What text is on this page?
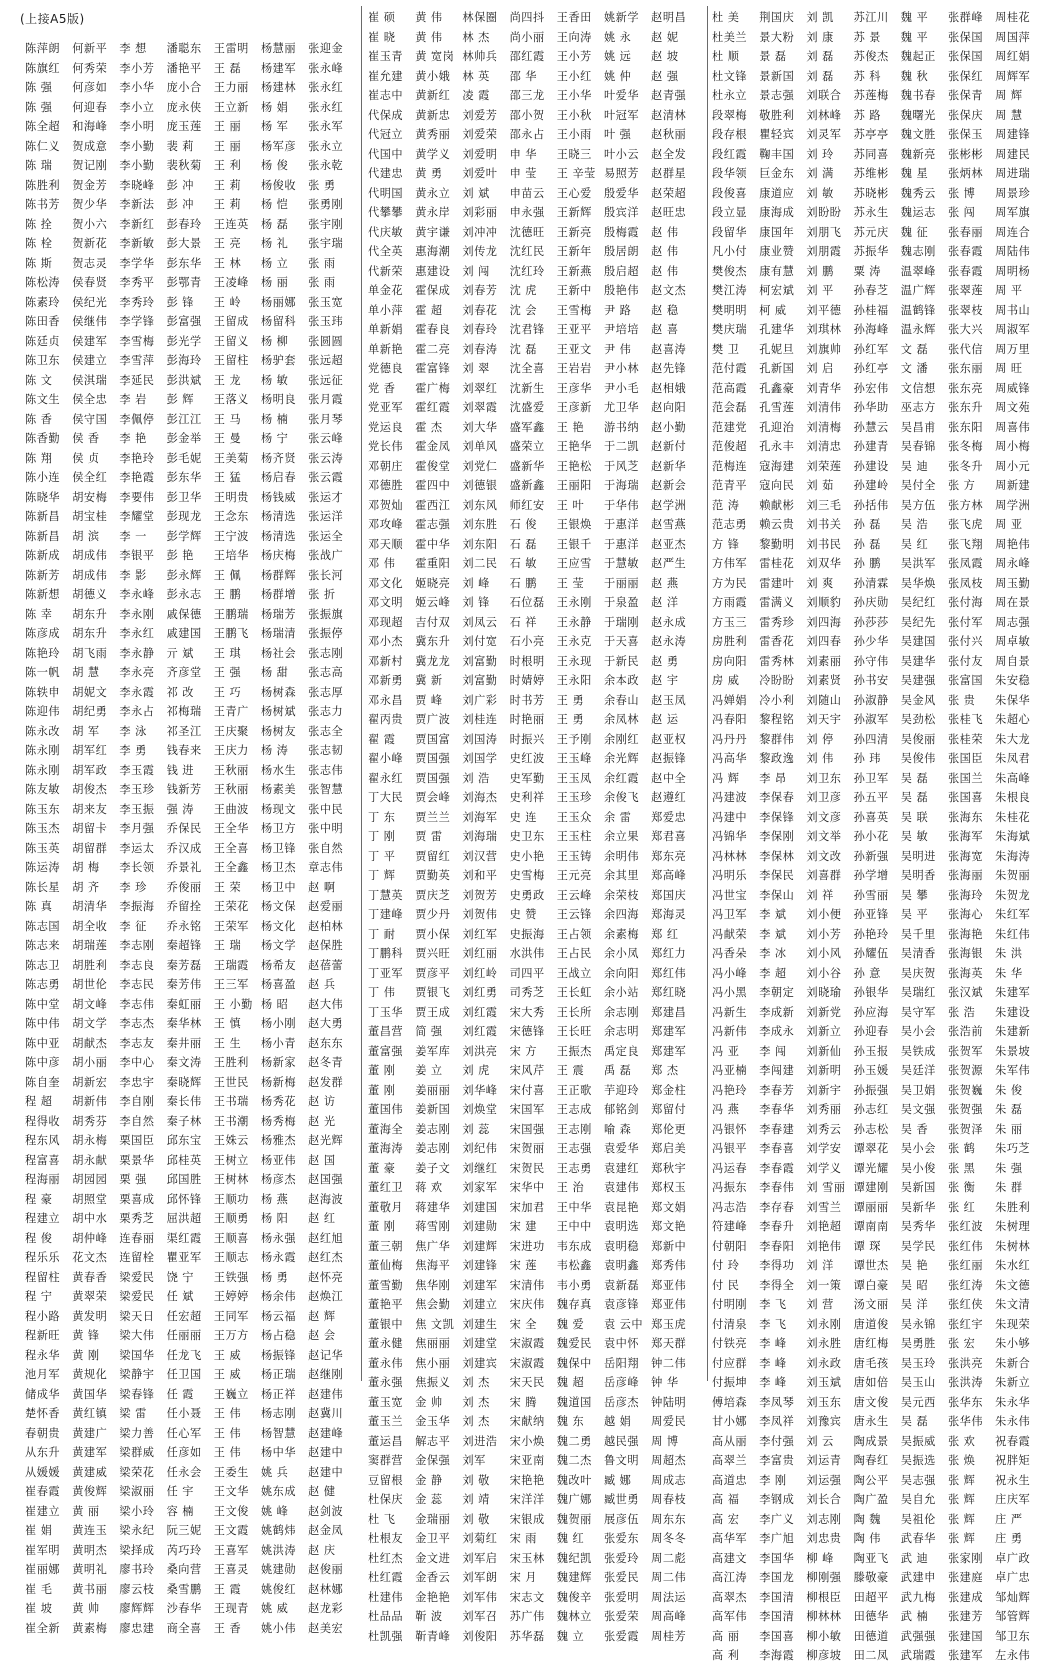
(上接A5版)
陈萍朗 何新平 李 想 潘聪东 王雷明 杨慧丽 张迎金陈旗红 何秀荣 李小芳 潘艳平 王 磊 杨建军 张永峰陈 强 何彦如 李小华 庞小合 王力丽 杨建林 张永红陈 强 何迎春 李小立 庞永侠 王立新 杨 娟 张永红陈全超 和海峰 李小明 庞玉莲 王 丽 杨 军 张永军陈仁义 贺成意 李小勤 裴 莉 王 丽 杨军彦 张永立陈 瑞 贺记刚 李小勤 裴秋菊 王 利 杨 俊 张永乾陈胜利 贺金芳 李晓峰 彭 冲 王 莉 杨俊收 张 勇陈书芳 贺少华 李新法 彭 冲 王 莉 杨 恺 张勇刚陈 拴 贺小六 李新红 彭春玲 王连英 杨 磊 张宇刚陈 栓 贺新花 李新敏 彭大景 王 亮 杨 礼 张宇瑞陈 斯 贺志灵 李学华 彭东华 王 林 杨 立 张 雨陈松涛 侯春贤 李秀平 彭鄂青 王凌峰 杨 丽 张 雨陈素玲 侯纪光 李秀玲 彭 锋 王 岭 杨丽娜 张玉宽陈田香 侯继伟 李学锋 彭富强 王留成 杨留科 张玉玮陈廷贞 侯建军 李雪梅 彭光学 王留义 杨 柳 张圆圆陈卫东 侯建立 李雪萍 彭海玲 王留柱 杨驴套 张远超陈 文 侯淇瑞 李延民 彭洪斌 王 龙 杨 敏 张远征陈文生 侯全忠 李 岩 彭 辉 王落义 杨明良 张月霞陈 香 侯守国 李佩停 彭江江 王 马 杨 楠 张月琴陈香勤 侯 香 李 艳 彭金举 王 曼 杨 宁 张云峰陈 翔 侯 贞 李艳玲 彭毛妮 王美菊 杨齐贤 张云涛陈小连 侯全红 李艳霞 彭东华 王 猛 杨启春 张云霞陈晓华 胡安梅 李要伟 彭卫华 王明贵 杨钱威 张运才陈新昌 胡宝桂 李耀堂 彭现龙 王念东 杨清选 张运洋陈新昌 胡 滨 李 一 彭学辉 王宁波 杨清选 张运全陈新成 胡成伟 李银平 彭 艳 王培华 杨庆梅 张战广陈新芳 胡成伟 李 影 彭永辉 王 佩 杨群辉 张长河陈新想 胡德义 李永峰 彭永志 王 鹏 杨群增 张 折陈 幸 胡东升 李永刚 戚保德 王鹏瑞 杨瑞芳 张振旗陈彦成 胡东升 李永红 戚建国 王鹏飞 杨瑞清 张振停陈艳玲 胡飞雨 李永静 亓 斌 王 琪 杨社会 张志刚陈一帆 胡 慧 李永亮 齐彦堂 王 强 杨 甜 张志高陈轶申 胡妮文 李永霞 祁 改 王 巧 杨树森 张志厚陈迎伟 胡纪勇 李永占 祁梅瑞 王青广 杨树斌 张志力陈永改 胡 军 李 泳 祁圣江 王庆聚 杨树友 张志全陈永刚 胡军红 李 勇 钱春来 王庆力 杨 涛 张志韧陈永刚 胡军政 李玉霞 钱 进 王秋丽 杨水生 张志伟陈友敏 胡俊杰 李玉珍 钱新芳 王秋丽 杨素美 张智慧陈玉东 胡来友 李玉振 强 涛 王曲波 杨现文 张中民陈玉杰 胡留卡 李月强 乔保民 王全华 杨卫方 张中明陈玉英 胡留群 李运太 乔汉成 王全喜 杨卫锋 张自然陈运涛 胡 梅 李长领 乔景礼 王全鑫 杨卫杰 章志伟陈长星 胡 齐 李 珍 乔俊丽 王 荣 杨卫中 赵 啊陈 真 胡清华 李振海 乔留拴 王荣花 杨文保 赵爱丽陈志国 胡全收 李 征 乔永铭 王荣军 杨文化 赵柏林陈志来 胡瑞莲 李志刚 秦超锋 王 瑞 杨文学 赵保胜陈志卫 胡胜利 李志良 秦芳磊 王瑞霞 杨希友 赵蓓蕾陈志勇 胡世伦 李志民 秦芳伟 王三军 杨喜盈 赵 兵陈中堂 胡文峰 李志伟 秦虹丽 王 小勤 杨 昭 赵大伟陈中伟 胡文学 李志杰 秦华林 王 慎 杨小刚 赵大勇陈中亚 胡献杰 李志友 秦井丽 王 生 杨小青 赵东东陈中彦 胡小丽 李中心 秦文涛 王胜利 杨新家 赵冬青陈自奎 胡新宏 李忠宇 秦晓辉 王世民 杨新梅 赵发群程 超 胡新伟 李自刚 秦长伟 王书瑞 杨秀花 赵 访程得收 胡秀芬 李自然 秦子林 王书潮 杨秀梅 赵 光程东风 胡永梅 栗国臣 邱东宝 王姝云 杨雅杰 赵光辉程富喜 胡永献 栗景华 邱桂英 王树立 杨亚伟 赵 国程海丽 胡园园 栗 强 邱国胜 王树林 杨彦杰 赵国强程 豪 胡照堂 栗喜成 邱怀锋 王顺功 杨 燕 赵海波程建立 胡中水 栗秀芝 屈洪超 王顺勇 杨 阳 赵 红程 俊 胡仲峰 连春丽 渠红霞 王顺喜 杨永强 赵红旭程乐乐 花文杰 连留栓 瞿亚军 王顺志 杨永霞 赵红杰程留柱 黄春香 梁爱民 饶 宁 王铁强 杨 勇 赵怀亮程 宁 黄翠荣 梁爱民 任 斌 王婷婷 杨余伟 赵焕江程小路 黄发明 梁天日 任宏超 王同军 杨云福 赵 辉程新旺 黄 锋 梁大伟 任丽丽 王万方 杨占稳 赵 会程永华 黄 刚 梁国华 任龙飞 王 威 杨振锋 赵记华池月军 黄规化 梁静宇 任卫国 王 威 杨正瑞 赵继刚储成华 黄国华 梁春锋 任 霞 王巍立 杨正祥 赵建伟楚怀香 黄红镇 梁 雷 任小聂 王 伟 杨志刚 赵冀川春朝贵 黄建广 梁力善 任心军 王 伟 杨智慧 赵建峰从东升 黄建军 梁群威 任彦如 王 伟 杨中华 赵建中从媛媛 黄建威 梁荣花 任永会 王委生 姚 兵 赵建中崔春霞 黄俊辉 梁淑丽 任 宇 王文华 姚东成 赵 健崔建立 黄 丽 梁小玲 容 楠 王文俊 姚 峰 赵剑波崔 娟 黄连玉 梁永纪 阮三妮 王文霞 姚鹤炜 赵金凤崔军明 黄明杰 梁择成 芮巧玲 王喜军 姚洪涛 赵 庆崔丽娜 黄明礼 廖书玲 桑向营 王喜灵 姚建勋 赵俊丽崔 毛 黄书丽 廖云枝 桑雪鹏 王 霞 姚俊红 赵林娜崔 坡 黄 帅 廖辉辉 沙春华 王现青 姚 威 赵龙彩崔全新 黄素梅 廖忠建 商全喜 王 香 姚小伟 赵美宏
崔 硕 黄 伟 林保圈 尚四抖 王香田 姚新学 赵明昌崔 晓 黄 伟 林 杰 尚小丽 王向涛 姚 永 赵 妮崔玉青 黄 宽岗 林帅兵 邵红霞 王小芳 姚 远 赵 坡崔允建 黄小娥 林 英 邵 华 王小红 姚 仲 赵 强崔志中 黄新红 凌 霞 邵三龙 王小华 叶爱华 赵青强代保成 黄新忠 刘爱芳 邵小贺 王小秋 叶冠军 赵清林代冠立 黄秀丽 刘爱荣 邵永占 王小雨 叶 强 赵秋丽代国中 黄学义 刘爱明 申 华 王晓三 叶小云 赵全发代建忠 黄 勇 刘爱叶 申 莹 王 辛莹 易照芳 赵群星代明国 黄永立 刘 斌 申苗云 王心爱 殷爱华 赵荣超代攀攀 黄永岸 刘彩丽 申永强 王新辉 殷宾洋 赵旺忠代庆敏 黄宇谦 刘冲冲 沈德旺 王新亮 殷梅霞 赵 伟代全英 惠海潮 刘传龙 沈红民 王新年 殷居朗 赵 伟代新荣 惠建设 刘 闯 沈红玲 王新燕 殷启超 赵 伟单金花 霍保成 刘春芳 沈 虎 王新中 殷艳伟 赵文杰单小萍 霍 超 刘春花 沈 会 王雪梅 尹 路 赵 稳单新娟 霍春良 刘春玲 沈君锋 王亚平 尹培培 赵 喜单新艳 霍二亮 刘春涛 沈 磊 王亚文 尹 伟 赵喜涛党德良 霍富锋 刘 翠 沈全喜 王岩岩 尹小林 赵先锋党 香 霍广梅 刘翠红 沈新生 王彦华 尹小毛 赵相娥党亚军 霍红霞 刘翠霞 沈盛爱 王彦新 尤卫华 赵向阳党运良 霍 杰 刘大华 盛军鑫 王 艳 游书纳 赵小勤党长伟 霍金凤 刘单风 盛荣立 王艳华 于二凯 赵新付邓朝庄 霍俊堂 刘党仁 盛新华 王艳松 于风芝 赵新华邓德胜 霍四中 刘德银 盛新鑫 王丽阳 于海瑞 赵新会邓贺灿 霍西江 刘东风 师红安 王 叶 于华伟 赵学洲邓攻峰 霍志强 刘东胜 石 俊 王银焕 于惠洋 赵雪燕邓天顺 霍中华 刘东阳 石 磊 王银千 于惠洋 赵亚杰邓 伟 霍重阳 刘二民 石 敏 王应雪 于慧敏 赵严生邓文化 姬晓亮 刘 峰 石 鹏 王 莹 于丽丽 赵 燕邓文明 姬云峰 刘 锋 石位磊 王永刚 于泉盈 赵 洋邓现超 吉付双 刘凤云 石 祥 王永静 于瑞刚 赵永成邓小杰 冀东升 刘付宽 石小亮 王永克 于天喜 赵永涛邓新村 冀龙龙 刘富勤 时根明 王永现 于新民 赵 勇邓新勇 冀 新 刘富勤 时婧婷 王永阳 余本政 赵 宇邓永昌 贾 峰 刘广彩 时书芳 王 勇 余春山 赵玉凤翟丙贵 贾广波 刘桂连 时艳丽 王 勇 余凤林 赵 运翟 霞 贾国富 刘国涛 时振兴 王予刚 余刚红 赵亚权翟小峰 贾国强 刘国学 史红波 王玉峰 余光辉 赵振锋翟永红 贾国强 刘 浩 史军勤 王玉凤 余红霞 赵中全丁大民 贾会峰 刘海杰 史利祥 王玉珍 余俊飞 赵遵红丁 东 贾兰兰 刘海军 史 连 王玉众 余 雷 郑爱忠丁 刚 贾 雷 刘海瑞 史卫东 王玉柱 余立果 郑君喜丁 平 贾留红 刘汉营 史小艳 王玉铸 余明伟 郑东亮丁 辉 贾勤英 刘和平 史雪梅 王元亮 余其里 郑高峰丁慧英 贾庆芝 刘贺芳 史勇政 王云峰 余荣枝 郑国庆丁建峰 贾少丹 刘贺伟 史 赞 王云锋 余四海 郑海灵丁 耐 贾小保 刘红军 史振海 王占领 余素梅 郑 红丁鹏科 贾兴旺 刘红丽 水洪伟 王占民 余小凤 郑红力丁亚军 贾彦平 刘红岭 司四平 王战立 余向阳 郑红伟丁 伟 贾银飞 刘红勇 司秀芝 王长虹 余小站 郑红晓丁玉华 贾王成 刘红霞 宋大秀 王长所 余志刚 郑建昌董昌营 简 强 刘红霞 宋德锋 王长旺 余志明 郑建军董富强 姜军库 刘洪亮 宋 方 王振杰 禹定良 郑建军董 刚 姜 立 刘 虎 宋风芹 王 震 禹 磊 郑 杰董 刚 姜丽丽 刘华峰 宋付喜 王正歌 芋迎玲 郑金柱董国伟 姜新国 刘焕堂 宋国军 王志成 郁铭剑 郑留付董海全 姜志刚 刘 蕊 宋国强 王志刚 喻 森 郑伦更董海涛 姜志刚 刘纪伟 宋贺丽 王志强 袁爱华 郑启美董 豪 姜子文 刘继红 宋贺民 王志勇 袁建红 郑秋宇董红卫 蒋 欢 刘家军 宋华中 王 治 袁建伟 郑权玉董敬月 蒋建华 刘建国 宋加君 王中华 袁昆艳 郑文娟董 刚 蒋雪刚 刘建勋 宋 建 王中中 袁明选 郑文艳董三朝 焦广华 刘建辉 宋进功 韦东成 袁明稳 郑新中董仙梅 焦海平 刘建锋 宋 莲 韦松鑫 袁明鑫 郑秀伟董雪勤 焦华刚 刘建军 宋清伟 韦小勇 袁新磊 郑亚伟董艳平 焦会勤 刘建立 宋庆伟 魏存真 袁彦锋 郑亚伟董银中 焦 文凯 刘建生 宋 全 魏 爱 袁 云中 郑玉虎董永健 焦丽丽 刘建堂 宋淑霞 魏爱民 袁中怀 郑天群董永伟 焦小丽 刘建宾 宋淑霞 魏保中 岳阳翔 钟二伟董永强 焦振义 刘 杰 宋天民 魏 超 岳彦峰 钟 华董玉宽 金 帅 刘 杰 宋 腾 魏道国 岳彦杰 钟陆明董玉兰 金玉华 刘 杰 宋献纳 魏 东 越 娟 周爱民董运昌 解志平 刘进浩 宋小焕 魏二勇 越民强 周 博窦群营 金保强 刘军 宋亚南 魏二杰 鲁文明 周超杰豆留根 金 静 刘 敬 宋艳艳 魏改叶 臧 娜 周成志杜保庆 金 蕊 刘 靖 宋洋洋 魏广娜 臧世勇 周春枝杜 飞 金瑞丽 刘 敬 宋银成 魏贺丽 展彦伍 周东东杜根友 金卫平 刘菊红 宋 雨 魏 红 张爱东 周冬冬杜红杰 金文进 刘军启 宋玉林 魏纪凯 张爱玲 周二彪杜红霞 金香云 刘军朗 宋 月 魏建辉 张爱民 周二伟杜建伟 金艳艳 刘军伟 宋志文 魏俊辛 张爱明 周法运杜品品 靳 波 刘军召 苏广伟 魏林立 张爱荣 周高峰杜凯强 靳青峰 刘俊阳 苏华磊 魏 立 张爱霞 周桂芳
杜 美 荆国庆 刘 凯 苏江川 魏 平 张群峰 周桂花杜美兰 景大粉 刘 康 苏 景 魏 平 张保国 周国萍杜 顺 景 磊 刘 磊 苏俊杰 魏起正 张保国 周红娟杜文锋 景新国 刘 磊 苏 科 魏 秋 张保红 周辉军杜永立 景志强 刘联合 苏莲梅 魏书春 张保青 周 辉段翠梅 敬胜利 刘林峰 苏 路 魏曙光 张保庆 周 慧段存根 瞿轻宾 刘灵军 苏亭亭 魏文胜 张保玉 周建锋段红霞 鞠丰国 刘 玲 苏同喜 魏新亮 张彬彬 周建民段华领 巨金东 刘 满 苏维彬 魏 星 张炳林 周进瑞段俊喜 康道应 刘 敏 苏晓彬 魏秀云 张 博 周景珍段立显 康海成 刘盼盼 苏永生 魏运志 张 闯 周军旗段留华 康国年 刘朋飞 苏元庆 魏 征 张春丽 周连合凡小付 康业赞 刘朋霞 苏振华 魏志刚 张春霞 周陆伟樊俊杰 康有慧 刘 鹏 粟 涛 温翠峰 张春霞 周明杨樊江涛 柯宏斌 刘 平 孙春芝 温广辉 张翠莲 周 平樊明明 柯 威 刘平德 孙桂福 温鹤锋 张翠枝 周书山樊庆瑞 孔建华 刘琪林 孙海峰 温永辉 张大兴 周淑军樊 卫 孔妮旦 刘旗帅 孙红军 文 磊 张代信 周万里范付霞 孔新国 刘 启 孙红亭 文 潘 张东丽 周 旺范高霞 孔鑫豪 刘青华 孙宏伟 文信想 张东亮 周威锋范会磊 孔雪莲 刘清伟 孙华助 巫志方 张东升 周文苑范建党 孔迎治 刘清梅 孙慧云 吴昌甫 张东阳 周喜伟范俊超 孔永丰 刘清忠 孙建青 吴春锦 张冬梅 周小梅范梅连 寇海建 刘荣莲 孙建设 吴 迪 张冬升 周小元范青平 寇向民 刘 茹 孙建岭 吴付全 张 方 周新建范 涛 赖献彬 刘三毛 孙括伟 吴方伍 张方林 周学洲范志勇 赖云贵 刘书关 孙 磊 吴 浩 张飞虎 周 亚方 锋 黎勤明 刘书民 孙 磊 吴 红 张飞翔 周艳伟方伟军 雷桂花 刘双华 孙 鹏 吴洪军 张凤霞 周永峰方为民 雷建叶 刘 爽 孙清霖 吴华焕 张凤枝 周玉勤方雨霞 雷满义 刘顺豹 孙庆勋 吴纪红 张付海 周在景方玉三 雷秀珍 刘四海 孙莎莎 吴纪先 张付军 周志强房胜利 雷香花 刘四春 孙少华 吴建国 张付兴 周卓敏房向阳 雷秀林 刘素丽 孙守伟 吴建华 张付友 周自景房 威 冷盼盼 刘素贤 孙书安 吴建强 张富国 朱安稳冯婵娟 冷小利 刘随山 孙淑静 吴金风 张 贵 朱保华冯春阳 黎程铭 刘天宇 孙淑军 吴劲松 张桂飞 朱超心冯丹丹 黎群伟 刘 停 孙四清 吴俊丽 张桂荣 朱大龙冯高华 黎政逸 刘 伟 孙 玮 吴俊伟 张国臣 朱凤君冯 辉 李 昂 刘卫东 孙卫军 吴 磊 张国兰 朱高峰冯建波 李保春 刘卫彦 孙五平 吴 磊 张国喜 朱根良冯建中 李保锋 刘文彦 孙喜英 吴 联 张海东 朱桂花冯锦华 李保刚 刘文举 孙小花 吴 敏 张海军 朱海斌冯林林 李保林 刘文改 孙新强 吴明进 张海宽 朱海涛冯明乐 李保民 刘喜群 孙学增 吴明香 张海丽 朱贺丽冯世宝 李保山 刘 祥 孙雪丽 吴 攀 张海玲 朱贺龙冯卫军 李 斌 刘小便 孙亚锋 吴 平 张海心 朱红军冯献荣 李 斌 刘小芳 孙艳玲 吴千里 张海艳 朱红伟冯香朵 李 冰 刘小风 孙耀伍 吴清香 张海银 朱 洪冯小峰 李 超 刘小谷 孙 意 吴庆贺 张海英 朱 华冯小黑 李朝定 刘晓瑜 孙银华 吴瑞红 张汉斌 朱建军冯新生 李成新 刘新党 孙应海 吴守军 张 浩 朱建设冯新伟 李成永 刘新立 孙迎春 吴小会 张浩前 朱建新冯 亚 李 闯 刘新仙 孙玉报 吴铁成 张贺军 朱景坡冯亚楠 李闯建 刘新明 孙玉媛 吴廷洋 张贺源 朱军伟冯艳玲 李春芳 刘新宇 孙振强 吴卫娟 张贺巍 朱 俊冯 燕 李春华 刘秀丽 孙志红 吴文强 张贺强 朱 磊冯银怀 李春建 刘秀云 孙志松 吴 香 张贺泽 朱 丽冯银平 李春喜 刘学安 谭翠花 吴小会 张 鹤 朱巧芝冯运春 李春霞 刘学义 谭光耀 吴小俊 张 黑 朱 强冯振东 李春伟 刘 雪丽 谭建刚 吴新国 张 衡 朱 群冯志浩 李存春 刘雪兰 谭丽丽 吴新华 张 红 朱胜利符建峰 李春升 刘艳超 谭南南 吴秀华 张红波 朱树理付朝阳 李春阳 刘艳伟 谭 琛 吴学民 张红伟 朱树林付 玲 李得功 刘 洋 谭世杰 吴 艳 张红丽 朱水红付 民 李得全 刘一策 谭白豪 吴 昭 张红涛 朱文德付明刚 李 飞 刘 营 汤文丽 吴 洋 张红侠 朱文清付清泉 李 飞 刘永刚 唐道俊 吴永锦 张红宇 朱现荣付铁亮 李 峰 刘永胜 唐红梅 吴勇胜 张 宏 朱小够付应群 李 峰 刘永政 唐毛孩 吴玉玲 张洪亮 朱新合付振坤 李 峰 刘玉斌 唐如倍 吴玉山 张洪涛 朱新立傅培森 李凤琴 刘玉东 唐文俊 吴元西 张华东 朱永华甘小娜 李凤祥 刘豫宾 唐永生 吴 磊 张华伟 朱永伟高从丽 李付强 刘 云 陶成景 吴振威 张 欢 祝春霞高翠兰 李富贵 刘运青 陶春红 吴振选 张 焕 祝胖矩高道忠 李 刚 刘运强 陶公平 吴志强 张 辉 祝永生高 福 李钢成 刘长合 陶广盈 吴自允 张 辉 庄庆军高 宏 李广义 刘志刚 陶 魏 吴祖伦 张 辉 庄 严高华军 李广旭 刘忠贵 陶 伟 武春华 张 辉 庄 勇高建文 李国华 柳 峰 陶亚飞 武 迪 张家刚 卓广政高江涛 李国龙 柳刚强 滕敬豪 武建申 张建庭 卓广忠高翠杰 李国清 柳根臣 田超平 武九梅 张建成 邹灿辉高军伟 李国清 柳林林 田德华 武 楠 张建芳 邹管辉高 丽 李国喜 柳小敏 田德道 武强强 张建国 邹卫东高 利 李海霞 柳彦坡 田二凤 武瑞霞 张建军 左永伟
